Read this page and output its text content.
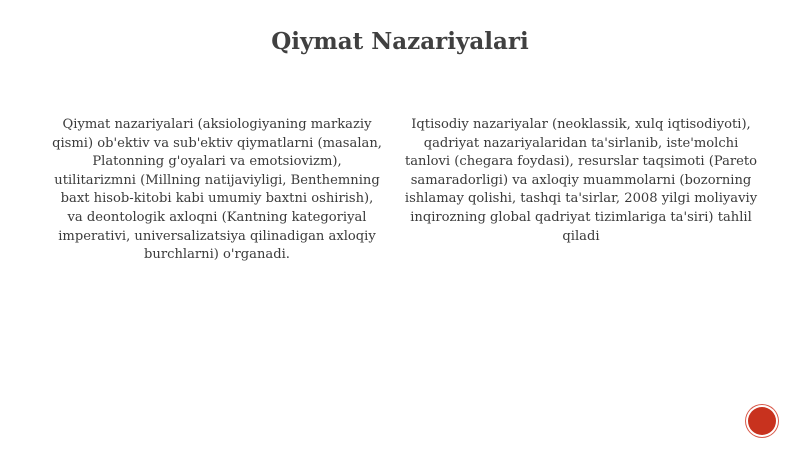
Qiymat Nazariyalari

Qiymat nazariyalari (aksiologiyaning markaziy qismi) ob'ektiv va sub'ektiv qiymatlarni (masalan, Platonning g'oyalari va emotsiovizm), utilitarizmni (Millning natijaviyligi, Benthemning baxt hisob-kitobi kabi umumiy baxtni oshirish), va deontologik axloqni (Kantning kategoriyal imperativi, universalizatsiya qilinadigan axloqiy burchlarni) o'rganadi.

Iqtisodiy nazariyalar (neoklassik, xulq iqtisodiyoti), qadriyat nazariyalaridan ta'sirlanib, iste'molchi tanlovi (chegara foydasi), resurslar taqsimoti (Pareto samaradorligi) va axloqiy muammolarni (bozorning ishlamay qolishi, tashqi ta'sirlar, 2008 yilgi moliyaviy inqirozning global qadriyat tizimlariga ta'siri) tahlil qiladi
